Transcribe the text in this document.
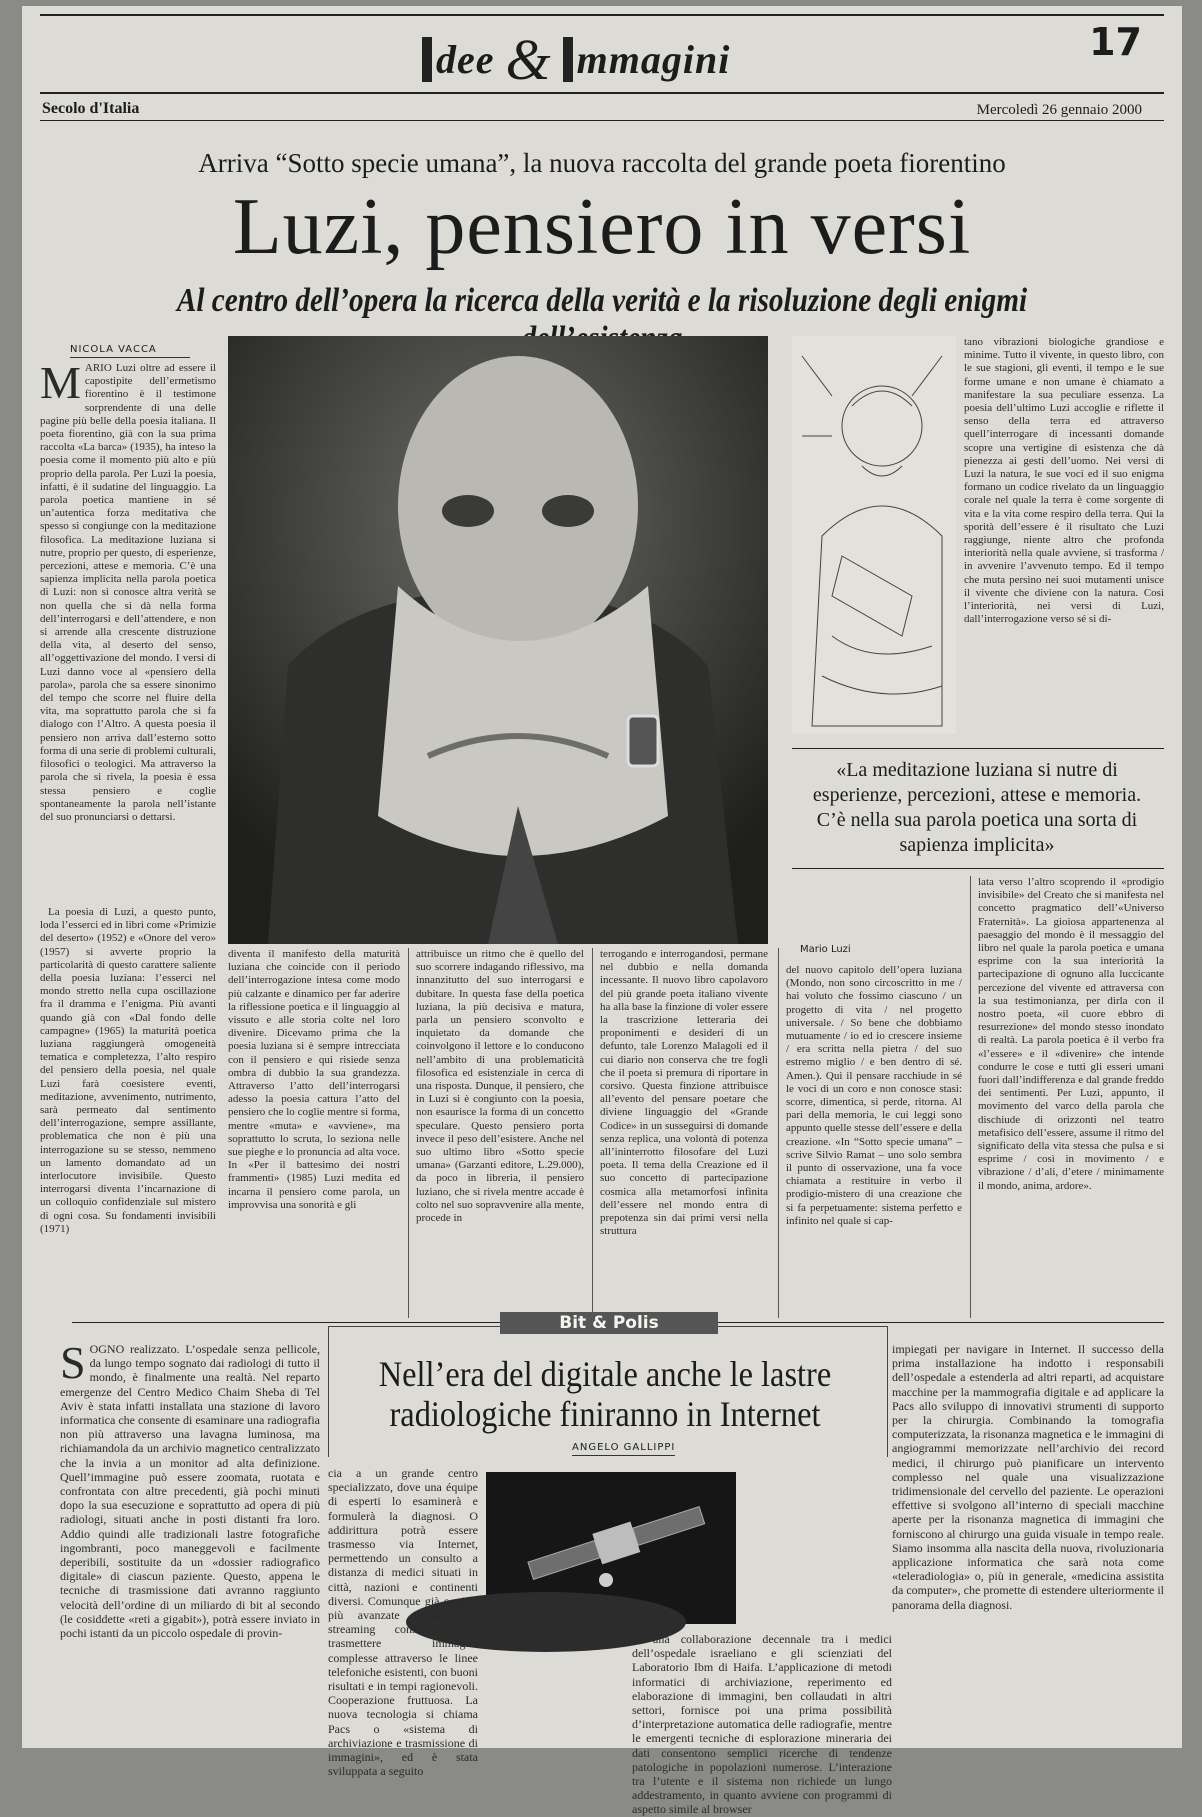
dee & mmagini	17
Secolo d'Italia	Mercoledì 26 gennaio 2000
Arriva “Sotto specie umana”, la nuova raccolta del grande poeta fiorentino
Luzi, pensiero in versi
Al centro dell’opera la ricerca della verità e la risoluzione degli enigmi
NICOLA VACCA
M ARIO Luzi oltre ad essere il capostipite dell’ermetismo fiorentino è il testimone sorprendente di una delle pagine più belle della poesia italiana. Il poeta fiorentino, già con la sua prima raccolta «La barca» (1935), ha inteso la poesia come il momento più alto e più proprio della parola. Per Luzi la poesia, infatti, è il sudatine del linguaggio. La parola poetica mantiene in sé un’autentica forza meditativa che spesso si congiunge con la meditazione filosofica. La meditazione luziana si nutre, proprio per questo, di esperienze, percezioni, attese e memoria. C’è una sapienza implicita nella parola poetica di Luzi: non si conosce altra verità se non quella che si dà nella forma dell’interrogarsi e dell’attendere, e non si arrende alla crescente distruzione della vita, al deserto del senso, all’oggettivazione del mondo. I versi di Luzi danno voce al «pensiero della parola», parola che sa essere sinonimo del tempo che scorre nel fluire della vita, ma soprattutto parola che si fa dialogo con l’Altro. A questa poesia il pensiero non arriva dall’esterno sotto forma di una serie di problemi culturali, filosofici o teologici. Ma attraverso la parola che si rivela, la poesia è essa stessa pensiero e coglie spontaneamente la parola nell’istante del suo pronunciarsi o dettarsi.

La poesia di Luzi, a questo punto, loda l’esserci ed in libri come «Primizie del deserto» (1952) e «Onore del vero» (1957) si avverte proprio la particolarità di questo carattere saliente della poesia luziana: l’esserci nel mondo stretto nella cupa oscillazione fra il dramma e l’enigma. Più avanti quando già con «Dal fondo delle campagne» (1965) la maturità poetica luziana raggiungerà omogeneità tematica e completezza, l’alto respiro del pensiero della poesia, nel quale Luzi farà coesistere eventi, meditazione, avvenimento, nutrimento, sarà permeato dal sentimento dell’interrogazione, sempre assillante, problematica che non è più una interrogazione su se stesso, nemmeno un lamento domandato ad un interlocutore invisibile. Questo interrogarsi diventa l’incarnazione di un colloquio confidenziale sul mistero di ogni cosa. Su fondamenti invisibili (1971)

tano vibrazioni biologiche grandiose e minime. Tutto il vivente, in questo libro, con le sue stagioni, gli eventi, il tempo e le sue forme umane e non umane è chiamato a manifestare la sua peculiare essenza. La poesia dell’ultimo Luzi accoglie e riflette il senso della terra ed attraverso quell’interrogare di incessanti domande scopre una vertigine di esistenza che dà pienezza ai gesti dell’uomo. Nei versi di Luzi la natura, le sue voci ed il suo enigma formano un codice rivelato da un linguaggio corale nel quale la terra è come sorgente di vita e la vita come respiro della terra. Qui la sporità dell’essere è il risultato che Luzi raggiunge, niente altro che profonda interiorità nella quale avviene, si trasforma / in avvenire l’avvenuto tempo. Ed il tempo che muta persino nei suoi mutamenti unisce il vivente che diviene con la natura. Così l’interiorità, nei versi di Luzi, dall’interrogazione verso sé si di-
«La meditazione luziana si nutre di esperienze, percezioni, attese e memoria. C’è nella sua parola poetica una sorta di sapienza implicita»
Mario Luzi
diventa il manifesto della maturità luziana che coincide con il periodo dell’interrogazione intesa come modo più calzante e dinamico per far aderire la riflessione poetica e il linguaggio al vissuto e alle storia colte nel loro divenire. Dicevamo prima che la poesia luziana si è sempre intrecciata con il pensiero e qui risiede senza ombra di dubbio la sua grandezza. Attraverso l’atto dell’interrogarsi adesso la poesia cattura l’atto del pensiero che lo coglie mentre si forma, mentre «muta» e «avviene», ma soprattutto lo scruta, lo seziona nelle sue pieghe e lo pronuncia ad alta voce. In «Per il battesimo dei nostri frammenti» (1985) Luzi medita ed incarna il pensiero come parola, un improvvisa una sonorità e gli
attribuisce un ritmo che è quello del suo scorrere indagando riflessivo, ma innanzitutto del suo interrogarsi e dubitare. In questa fase della poetica luziana, la più decisiva e matura, parla un pensiero sconvolto e inquietato da domande che coinvolgono il lettore e lo conducono nell’ambito di una problematicità filosofica ed esistenziale in cerca di una risposta. Dunque, il pensiero, che in Luzi si è congiunto con la poesia, non esaurisce la forma di un concetto speculare. Questo pensiero porta invece il peso dell’esistere. Anche nel suo ultimo libro «Sotto specie umana» (Garzanti editore, L.29.000), da poco in libreria, il pensiero luziano, che si rivela mentre accade è colto nel suo sopravvenire alla mente, procede in
terrogando e interrogandosi, permane nel dubbio e nella domanda incessante. Il nuovo libro capolavoro del più grande poeta italiano vivente ha alla base la finzione di voler essere la trascrizione letteraria dei proponimenti e desideri di un defunto, tale Lorenzo Malagoli ed il cui diario non conserva che tre fogli che il poeta si premura di riportare in corsivo. Questa finzione attribuisce all’evento del pensare poetare che diviene linguaggio del «Grande Codice» in un susseguirsi di domande senza replica, una volontà di potenza all’ininterrotto filosofare del Luzi poeta. Il tema della Creazione ed il suo concetto di partecipazione cosmica alla metamorfosi infinita dell’essere nel mondo entra di prepotenza sin dai primi versi nella struttura
del nuovo capitolo dell’opera luziana (Mondo, non sono circoscritto in me / hai voluto che fossimo ciascuno / un progetto di vita / nel progetto universale. / So bene che dobbiamo mutuamente / io ed io crescere insieme / era scritta nella pietra / del suo estremo miglio / e ben dentro di sé. Amen.). Qui il pensare racchiude in sé le voci di un coro e non conosce stasi: scorre, dimentica, si perde, ritorna. Al pari della memoria, le cui leggi sono appunto quelle stesse dell’essere e della creazione. «In “Sotto specie umana” – scrive Silvio Ramat – uno solo sembra il punto di osservazione, una fa voce chiamata a restituire in verbo il prodigio-mistero di una creazione che si fa perpetuamente: sistema perfetto e infinito nel quale si cap-
lata verso l’altro scoprendo il «prodigio invisibile» del Creato che si manifesta nel concetto pragmatico dell’«Universo Fraternità». La gioiosa appartenenza al paesaggio del mondo è il messaggio del libro nel quale la parola poetica e umana esprime con la sua interiorità la partecipazione di ognuno alla luccicante percezione del vivente ed attraversa con la sua testimonianza, per dirla con il nostro poeta, «il cuore ebbro di resurrezione» del mondo stesso inondato di realtà. La parola poetica è il verbo fra «l’essere» e il «divenire» che intende condurre le cose e tutti gli esseri umani fuori dall’indifferenza e dal grande freddo dei sentimenti. Per Luzi, appunto, il movimento del varco della parola che dischiude di orizzonti nel teatro metafisico dell’essere, assume il ritmo del significato della vita stessa che pulsa e si esprime / così in movimento / e vibrazione / d’ali, d’etere / minimamente il mondo, anima, ardore».
Bit & Polis
Nell’era del digitale anche le lastre radiologiche finiranno in Internet
ANGELO GALLIPPI
S OGNO realizzato. L’ospedale senza pellicole, da lungo tempo sognato dai radiologi di tutto il mondo, è finalmente una realtà. Nel reparto emergenze del Centro Medico Chaim Sheba di Tel Aviv è stata infatti installata una stazione di lavoro informatica che consente di esaminare una radiografia non più attraverso una lavagna luminosa, ma richiamandola da un archivio magnetico centralizzato che la invia a un monitor ad alta definizione. Quell’immagine può essere zoomata, ruotata e confrontata con altre precedenti, già pochi minuti dopo la sua esecuzione e soprattutto ad opera di più radiologi, situati anche in posti distanti fra loro. Addio quindi alle tradizionali lastre fotografiche ingombranti, poco maneggevoli e facilmente deperibili, sostituite da un «dossier radiografico digitale» di ciascun paziente. Questo, appena le tecniche di trasmissione dati avranno raggiunto velocità dell’ordine di un miliardo di bit al secondo (le cosiddette «reti a gigabit»), potrà essere inviato in pochi istanti da un piccolo ospedale di provin-
cia a un grande centro specializzato, dove una équipe di esperti lo esaminerà e formulerà la diagnosi. O addirittura potrà essere trasmesso via Internet, permettendo un consulto a distanza di medici situati in città, nazioni e continenti diversi. Comunque già oggi le più avanzate tecniche di streaming consentono di trasmettere immagini complesse attraverso le linee telefoniche esistenti, con buoni risultati e in tempi ragionevoli. Cooperazione fruttuosa. La nuova tecnologia si chiama Pacs o «sistema di archiviazione e trasmissione di immagini», ed è stata sviluppata a seguito
di una collaborazione decennale tra i medici dell’ospedale israeliano e gli scienziati del Laboratorio Ibm di Haifa. L’applicazione di metodi informatici di archiviazione, reperimento ed elaborazione di immagini, ben collaudati in altri settori, fornisce poi una prima possibilità d’interpretazione automatica delle radiografie, mentre le emergenti tecniche di esplorazione mineraria dei dati consentono semplici ricerche di tendenze patologiche in popolazioni numerose. L’interazione tra l’utente e il sistema non richiede un lungo addestramento, in quanto avviene con programmi di aspetto simile al browser
impiegati per navigare in Internet. Il successo della prima installazione ha indotto i responsabili dell’ospedale a estenderla ad altri reparti, ad acquistare macchine per la mammografia digitale e ad applicare la Pacs allo sviluppo di innovativi strumenti di supporto per la chirurgia. Combinando la tomografia computerizzata, la risonanza magnetica e le immagini di angiogrammi memorizzate nell’archivio dei record medici, il chirurgo può pianificare un intervento complesso nel quale una visualizzazione tridimensionale del cervello del paziente. Le operazioni effettive si svolgono all’interno di speciali macchine aperte per la risonanza magnetica di immagini che forniscono al chirurgo una guida visuale in tempo reale. Siamo insomma alla nascita della nuova, rivoluzionaria applicazione informatica che sarà nota come «teleradiologia» o, più in generale, «medicina assistita da computer», che promette di estendere ulteriormente il panorama della diagnosi.
